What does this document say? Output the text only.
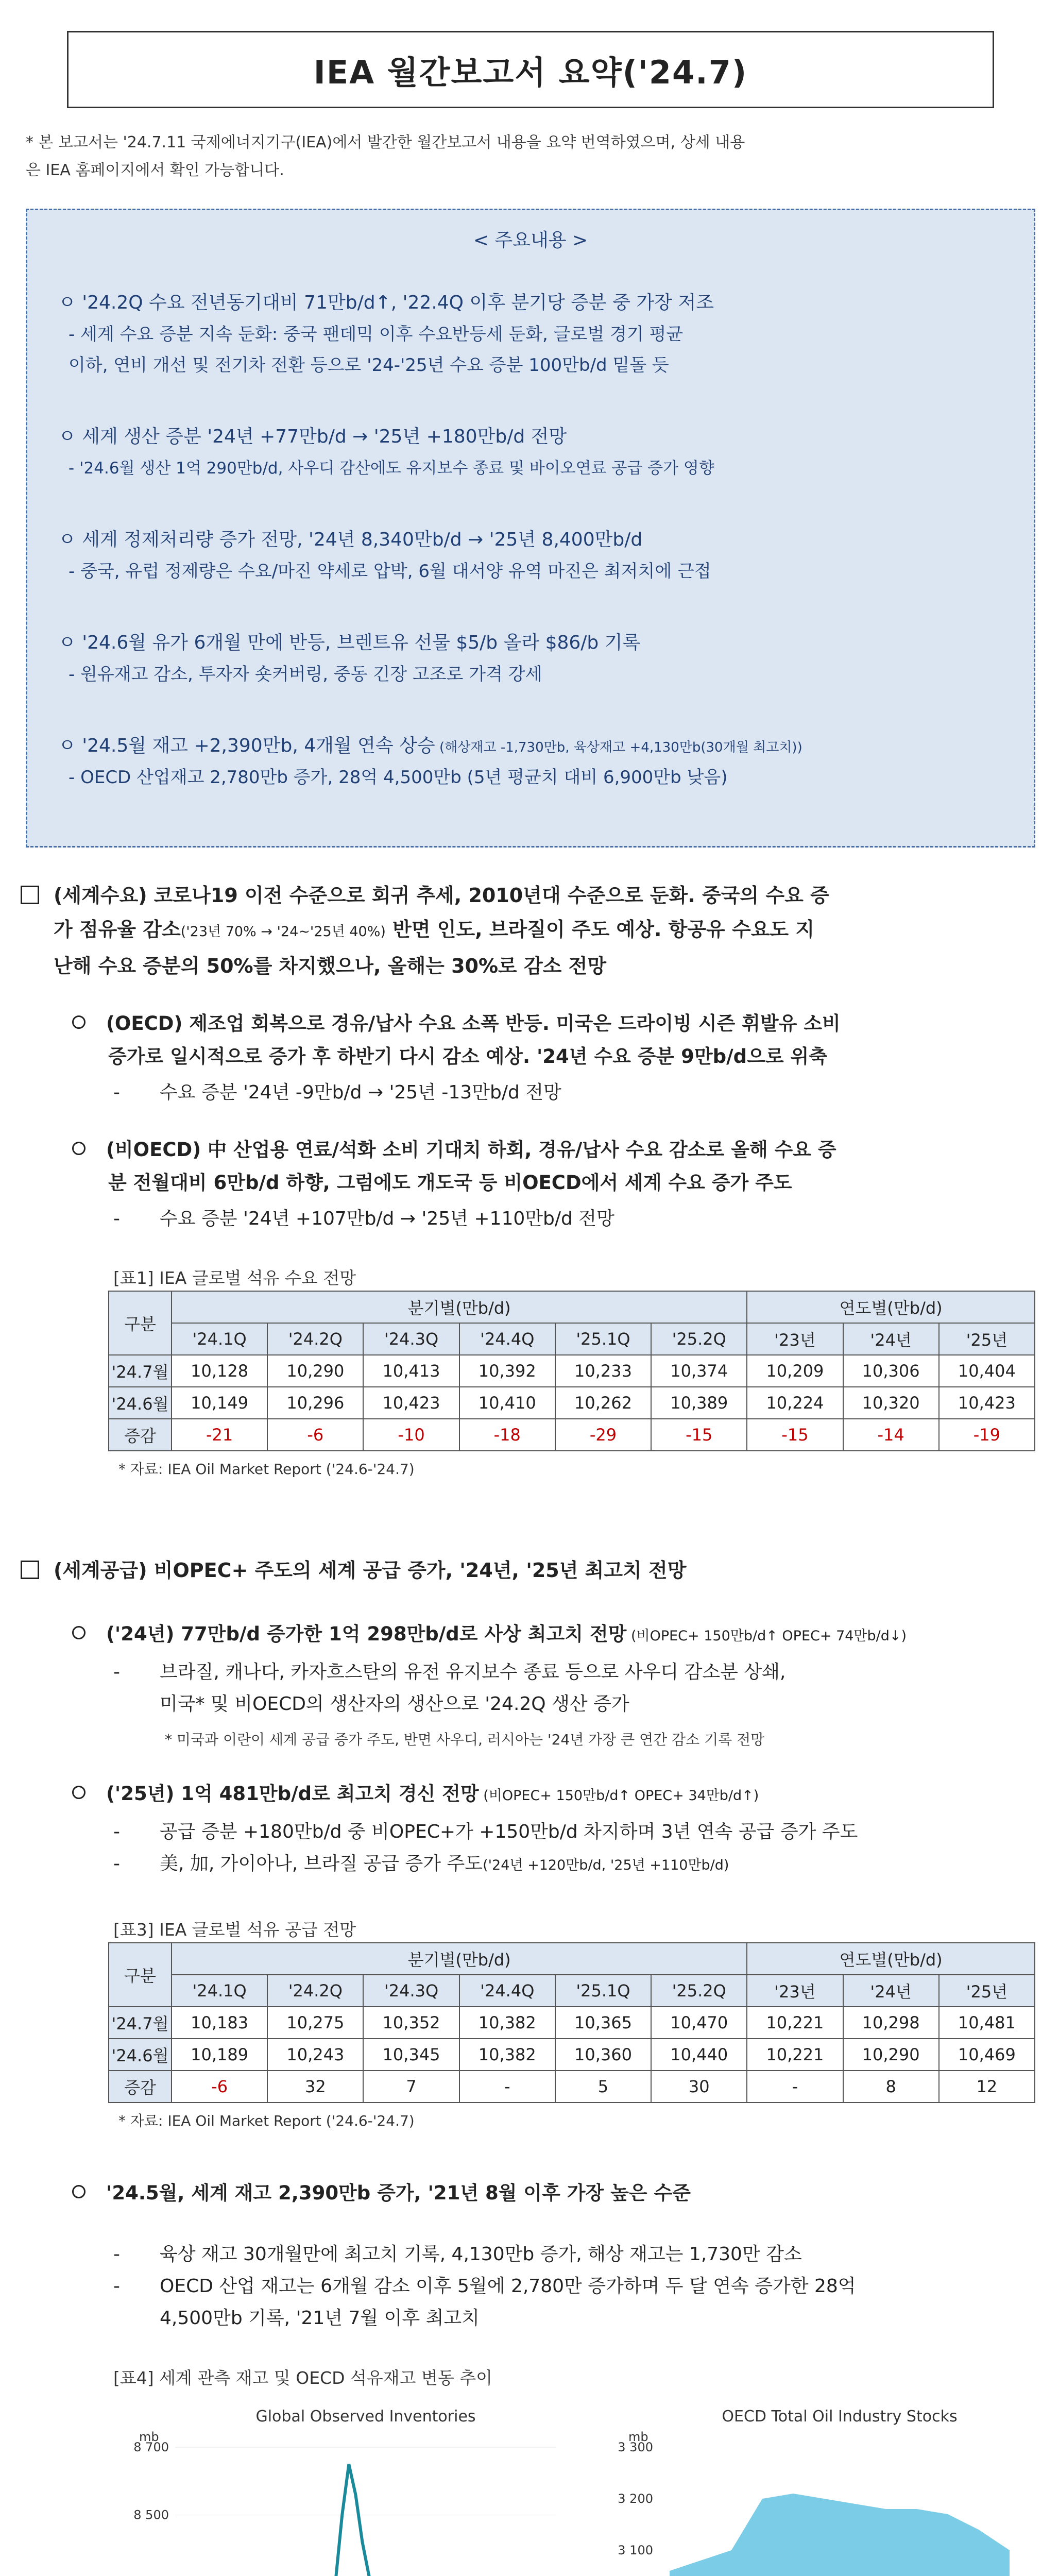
IEA 월간보고서 요약('24.7)
* 본 보고서는 '24.7.11 국제에너지기구(IEA)에서 발간한 월간보고서 내용을 요약 번역하였으며, 상세 내용
은 IEA 홈페이지에서 확인 가능합니다.
< 주요내용 >
ㅇ '24.2Q 수요 전년동기대비 71만b/d↑, '22.4Q 이후 분기당 증분 중 가장 저조
- 세계 수요 증분 지속 둔화: 중국 팬데믹 이후 수요반등세 둔화, 글로벌 경기 평균
이하, 연비 개선 및 전기차 전환 등으로 '24-'25년 수요 증분 100만b/d 밑돌 듯
ㅇ 세계 생산 증분 '24년 +77만b/d → '25년 +180만b/d 전망
- '24.6월 생산 1억 290만b/d, 사우디 감산에도 유지보수 종료 및 바이오연료 공급 증가 영향
ㅇ 세계 정제처리량 증가 전망, '24년 8,340만b/d → '25년 8,400만b/d
- 중국, 유럽 정제량은 수요/마진 약세로 압박, 6월 대서양 유역 마진은 최저치에 근접
ㅇ '24.6월 유가 6개월 만에 반등, 브렌트유 선물 $5/b 올라 $86/b 기록
- 원유재고 감소, 투자자 숏커버링, 중동 긴장 고조로 가격 강세
ㅇ '24.5월 재고 +2,390만b, 4개월 연속 상승 (해상재고 -1,730만b, 육상재고 +4,130만b(30개월 최고치))
- OECD 산업재고 2,780만b 증가, 28억 4,500만b (5년 평균치 대비 6,900만b 낮음)
(세계수요) 코로나19 이전 수준으로 회귀 추세, 2010년대 수준으로 둔화. 중국의 수요 증
가 점유율 감소('23년 70% → '24~'25년 40%) 반면 인도, 브라질이 주도 예상. 항공유 수요도 지
난해 수요 증분의 50%를 차지했으나, 올해는 30%로 감소 전망
(OECD) 제조업 회복으로 경유/납사 수요 소폭 반등. 미국은 드라이빙 시즌 휘발유 소비
증가로 일시적으로 증가 후 하반기 다시 감소 예상. '24년 수요 증분 9만b/d으로 위축
- 수요 증분 '24년 -9만b/d → '25년 -13만b/d 전망
(비OECD) 中 산업용 연료/석화 소비 기대치 하회, 경유/납사 수요 감소로 올해 수요 증
분 전월대비 6만b/d 하향, 그럼에도 개도국 등 비OECD에서 세계 수요 증가 주도
- 수요 증분 '24년 +107만b/d → '25년 +110만b/d 전망
[표1] IEA 글로벌 석유 수요 전망
구분	분기별(만b/d)						연도별(만b/d)		
	'24.1Q	'24.2Q	'24.3Q	'24.4Q	'25.1Q	'25.2Q	'23년	'24년	'25년
'24.7월	10,128	10,290	10,413	10,392	10,233	10,374	10,209	10,306	10,404
'24.6월	10,149	10,296	10,423	10,410	10,262	10,389	10,224	10,320	10,423
증감	-21	-6	-10	-18	-29	-15	-15	-14	-19
* 자료: IEA Oil Market Report ('24.6-'24.7)
(세계공급) 비OPEC+ 주도의 세계 공급 증가, '24년, '25년 최고치 전망
('24년) 77만b/d 증가한 1억 298만b/d로 사상 최고치 전망 (비OPEC+ 150만b/d↑ OPEC+ 74만b/d↓)
- 브라질, 캐나다, 카자흐스탄의 유전 유지보수 종료 등으로 사우디 감소분 상쇄,
미국* 및 비OECD의 생산자의 생산으로 '24.2Q 생산 증가
* 미국과 이란이 세계 공급 증가 주도, 반면 사우디, 러시아는 '24년 가장 큰 연간 감소 기록 전망
('25년) 1억 481만b/d로 최고치 경신 전망 (비OPEC+ 150만b/d↑ OPEC+ 34만b/d↑)
- 공급 증분 +180만b/d 중 비OPEC+가 +150만b/d 차지하며 3년 연속 공급 증가 주도
- 美, 加, 가이아나, 브라질 공급 증가 주도('24년 +120만b/d, '25년 +110만b/d)
[표3] IEA 글로벌 석유 공급 전망
구분	분기별(만b/d)						연도별(만b/d)		
	'24.1Q	'24.2Q	'24.3Q	'24.4Q	'25.1Q	'25.2Q	'23년	'24년	'25년
'24.7월	10,183	10,275	10,352	10,382	10,365	10,470	10,221	10,298	10,481
'24.6월	10,189	10,243	10,345	10,382	10,360	10,440	10,221	10,290	10,469
증감	-6	32	7	-	5	30	-	8	12
* 자료: IEA Oil Market Report ('24.6-'24.7)
'24.5월, 세계 재고 2,390만b 증가, '21년 8월 이후 가장 높은 수준
- 육상 재고 30개월만에 최고치 기록, 4,130만b 증가, 해상 재고는 1,730만 감소
- OECD 산업 재고는 6개월 감소 이후 5월에 2,780만 증가하며 두 달 연속 증가한 28억
4,500만b 기록, '21년 7월 이후 최고치
[표4] 세계 관측 재고 및 OECD 석유재고 변동 추이
Global Observed Inventories
mb
8 700
8 500
OECD Total Oil Industry Stocks
mb
3 300
3 200
3 100
